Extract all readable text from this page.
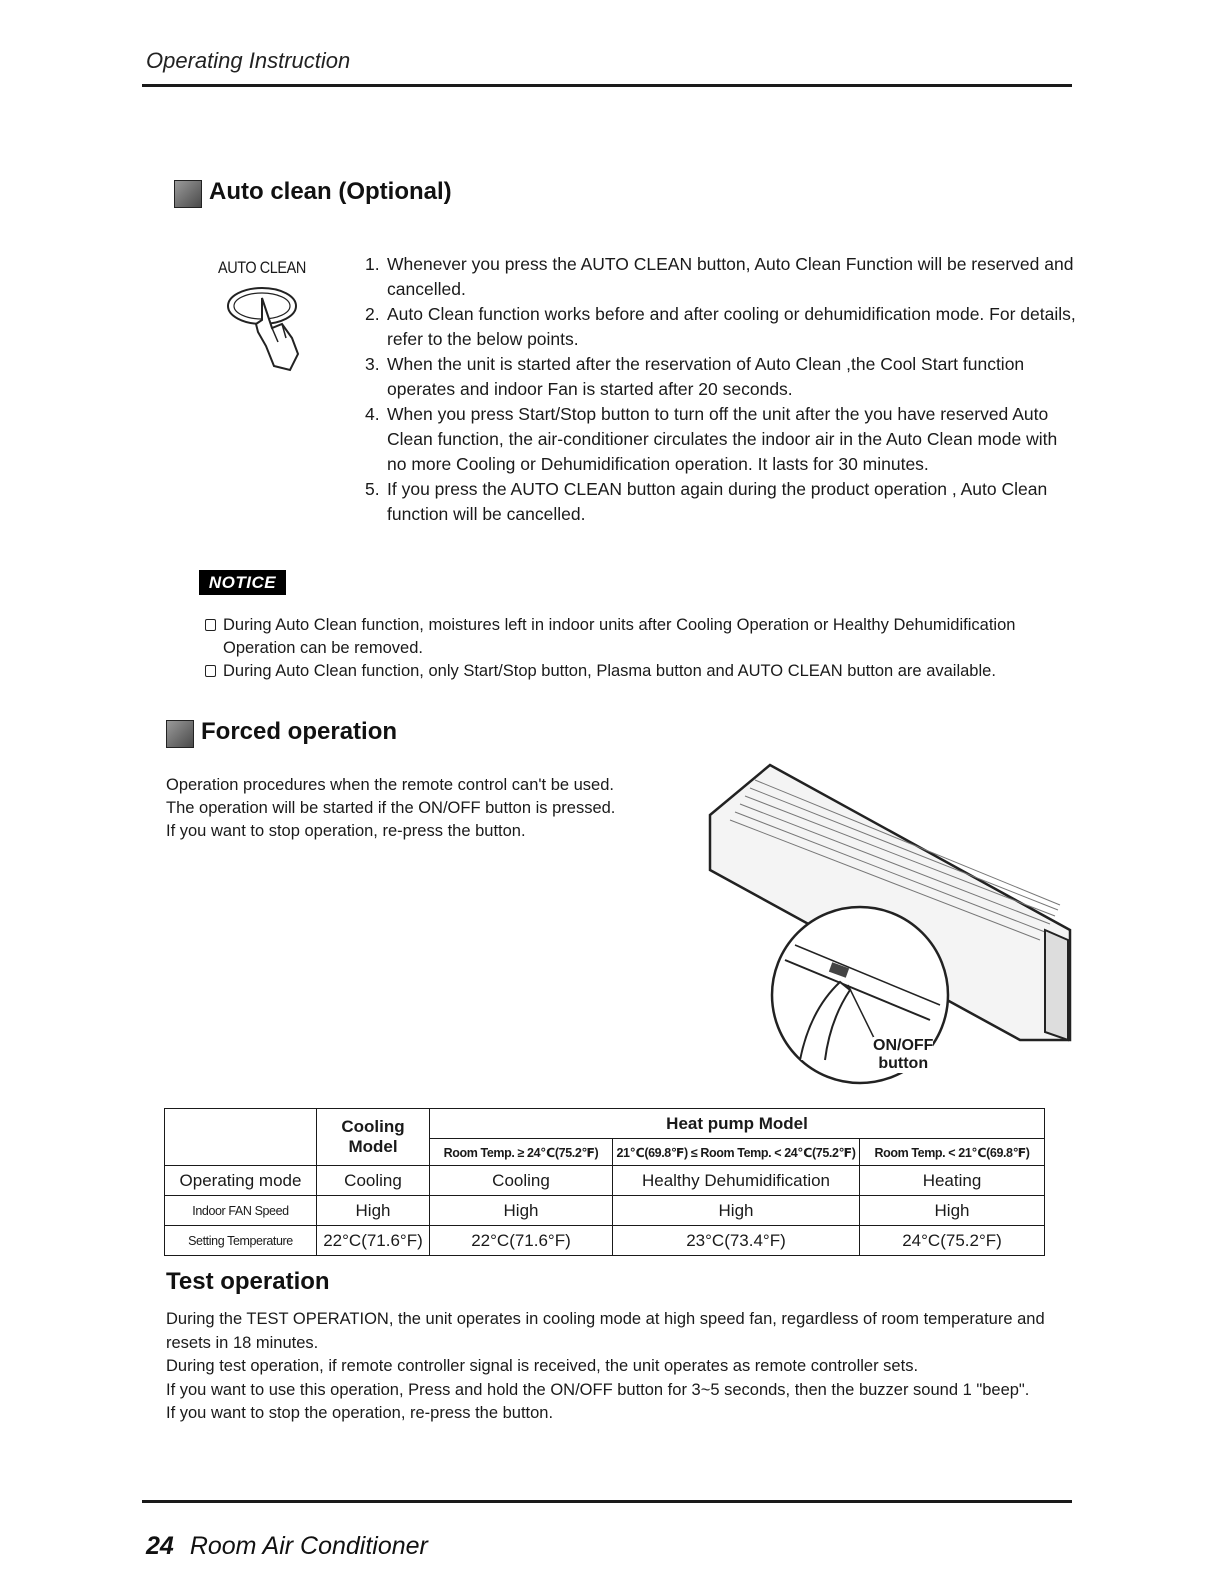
Operating Instruction
Auto clean (Optional)
AUTO CLEAN	1. Whenever you press the AUTO CLEAN button, Auto Clean Function will be reserved and cancelled.
2. Auto Clean function works before and after cooling or dehumidification mode. For details, refer to the below points.
3. When the unit is started after the reservation of Auto Clean ,the Cool Start function operates and indoor Fan is started after 20 seconds.
4. When you press Start/Stop button to turn off the unit after the you have reserved Auto Clean function, the air-conditioner circulates the indoor air in the Auto Clean mode with no more Cooling or Dehumidification operation. It lasts for 30 minutes.
5. If you press the AUTO CLEAN button again during the product operation , Auto Clean function will be cancelled.
NOTICE
During Auto Clean function, moistures left in indoor units after Cooling Operation or Healthy Dehumidification Operation can be removed.
During Auto Clean function, only Start/Stop button, Plasma button and AUTO CLEAN button are available.
Forced operation
Operation procedures when the remote control can't be used.
The operation will be started if the ON/OFF button is pressed.
If you want to stop operation, re-press the button.
ON/OFF
button
	Cooling Model	Heat pump Model		
		Room Temp. ≥ 24℃(75.2℉)	21℃(69.8℉) ≤ Room Temp. < 24℃(75.2℉)	Room Temp. < 21℃(69.8℉)
Operating mode	Cooling	Cooling	Healthy Dehumidification	Heating
Indoor FAN Speed	High	High	High	High
Setting Temperature	22°C(71.6°F)	22°C(71.6°F)	23°C(73.4°F)	24°C(75.2°F)
Test operation
During the TEST OPERATION, the unit operates in cooling mode at high speed fan, regardless of room temperature and resets in 18 minutes.
During test operation, if remote controller signal is received, the unit operates as remote controller sets.
If you want to use this operation, Press and hold the ON/OFF button for 3~5 seconds, then the buzzer sound 1 "beep".
If you want to stop the operation, re-press the button.
24 Room Air Conditioner
